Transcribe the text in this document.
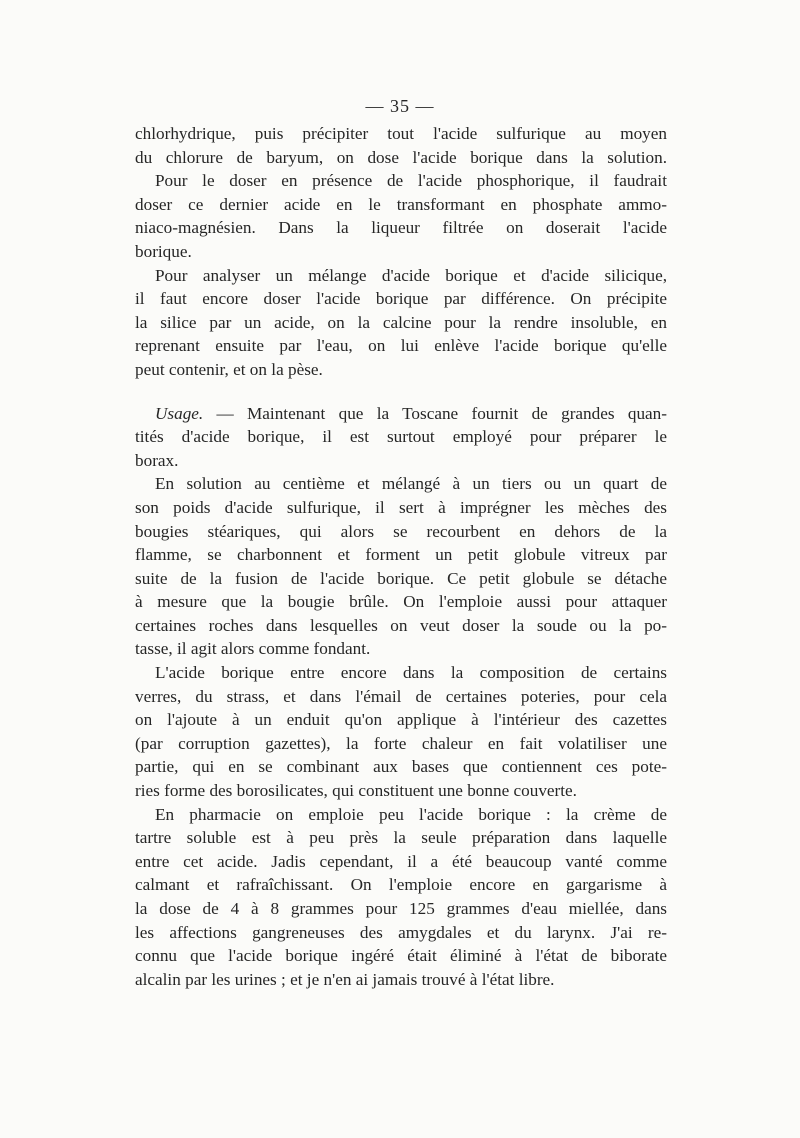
— 35 —
chlorhydrique, puis précipiter tout l'acide sulfurique au moyen
du chlorure de baryum, on dose l'acide borique dans la solution.
Pour le doser en présence de l'acide phosphorique, il faudrait
doser ce dernier acide en le transformant en phosphate ammo-
niaco-magnésien. Dans la liqueur filtrée on doserait l'acide
borique.
Pour analyser un mélange d'acide borique et d'acide silicique,
il faut encore doser l'acide borique par différence. On précipite
la silice par un acide, on la calcine pour la rendre insoluble, en
reprenant ensuite par l'eau, on lui enlève l'acide borique qu'elle
peut contenir, et on la pèse.
Usage. — Maintenant que la Toscane fournit de grandes quan-
tités d'acide borique, il est surtout employé pour préparer le
borax.
En solution au centième et mélangé à un tiers ou un quart de
son poids d'acide sulfurique, il sert à imprégner les mèches des
bougies stéariques, qui alors se recourbent en dehors de la
flamme, se charbonnent et forment un petit globule vitreux par
suite de la fusion de l'acide borique. Ce petit globule se détache
à mesure que la bougie brûle. On l'emploie aussi pour attaquer
certaines roches dans lesquelles on veut doser la soude ou la po-
tasse, il agit alors comme fondant.
L'acide borique entre encore dans la composition de certains
verres, du strass, et dans l'émail de certaines poteries, pour cela
on l'ajoute à un enduit qu'on applique à l'intérieur des cazettes
(par corruption gazettes), la forte chaleur en fait volatiliser une
partie, qui en se combinant aux bases que contiennent ces pote-
ries forme des borosilicates, qui constituent une bonne couverte.
En pharmacie on emploie peu l'acide borique : la crème de
tartre soluble est à peu près la seule préparation dans laquelle
entre cet acide. Jadis cependant, il a été beaucoup vanté comme
calmant et rafraîchissant. On l'emploie encore en gargarisme à
la dose de 4 à 8 grammes pour 125 grammes d'eau miellée, dans
les affections gangreneuses des amygdales et du larynx. J'ai re-
connu que l'acide borique ingéré était éliminé à l'état de biborate
alcalin par les urines ; et je n'en ai jamais trouvé à l'état libre.
